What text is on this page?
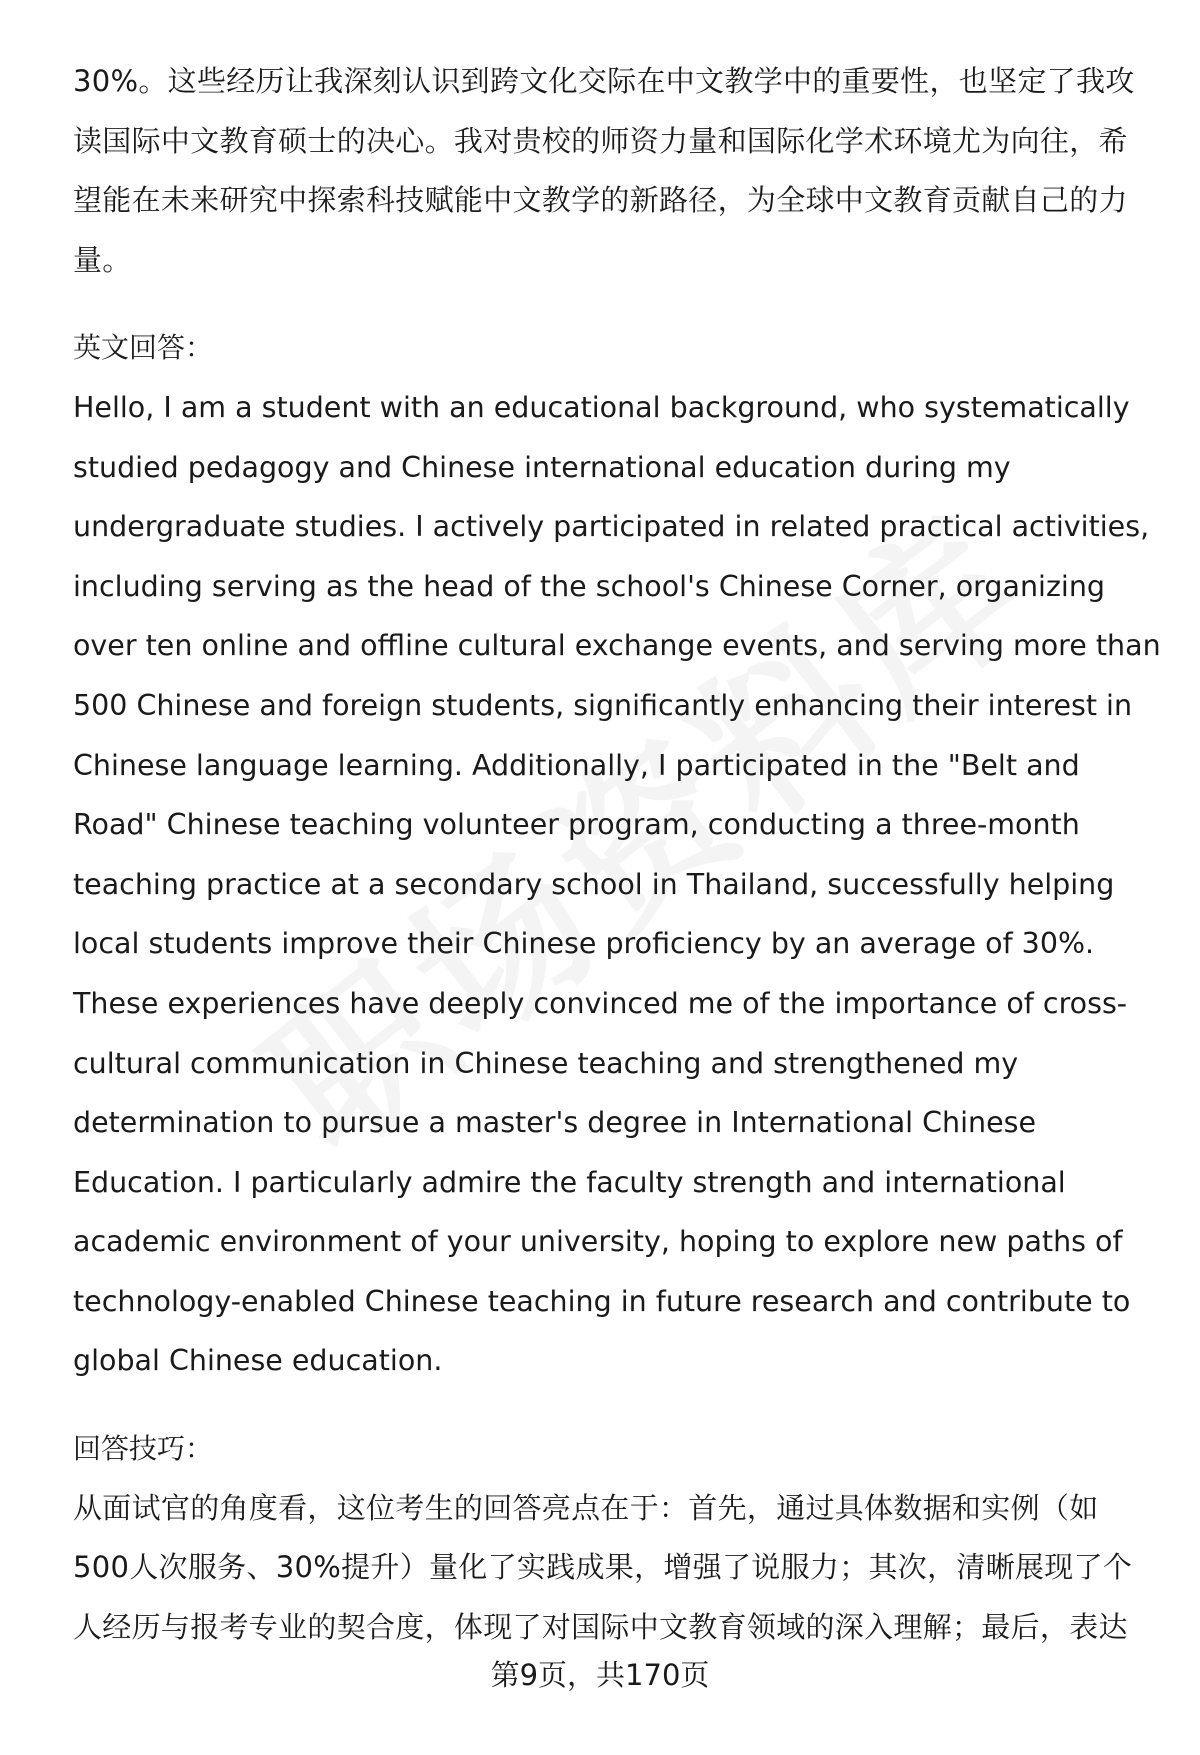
30%。这些经历让我深刻认识到跨文化交际在中文教学中的重要性，也坚定了我攻
读国际中文教育硕士的决心。我对贵校的师资力量和国际化学术环境尤为向往，希
望能在未来研究中探索科技赋能中文教学的新路径，为全球中文教育贡献自己的力
量。
英文回答：
Hello, I am a student with an educational background, who systematically
studied pedagogy and Chinese international education during my
undergraduate studies. I actively participated in related practical activities,
including serving as the head of the school's Chinese Corner, organizing
over ten online and offline cultural exchange events, and serving more than
500 Chinese and foreign students, significantly enhancing their interest in
Chinese language learning. Additionally, I participated in the "Belt and
Road" Chinese teaching volunteer program, conducting a three-month
teaching practice at a secondary school in Thailand, successfully helping
local students improve their Chinese proficiency by an average of 30%.
These experiences have deeply convinced me of the importance of cross-
cultural communication in Chinese teaching and strengthened my
determination to pursue a master's degree in International Chinese
Education. I particularly admire the faculty strength and international
academic environment of your university, hoping to explore new paths of
technology-enabled Chinese teaching in future research and contribute to
global Chinese education.
回答技巧：
从面试官的角度看，这位考生的回答亮点在于：首先，通过具体数据和实例（如
500人次服务、30%提升）量化了实践成果，增强了说服力；其次，清晰展现了个
人经历与报考专业的契合度，体现了对国际中文教育领域的深入理解；最后，表达
第9页，共170页
